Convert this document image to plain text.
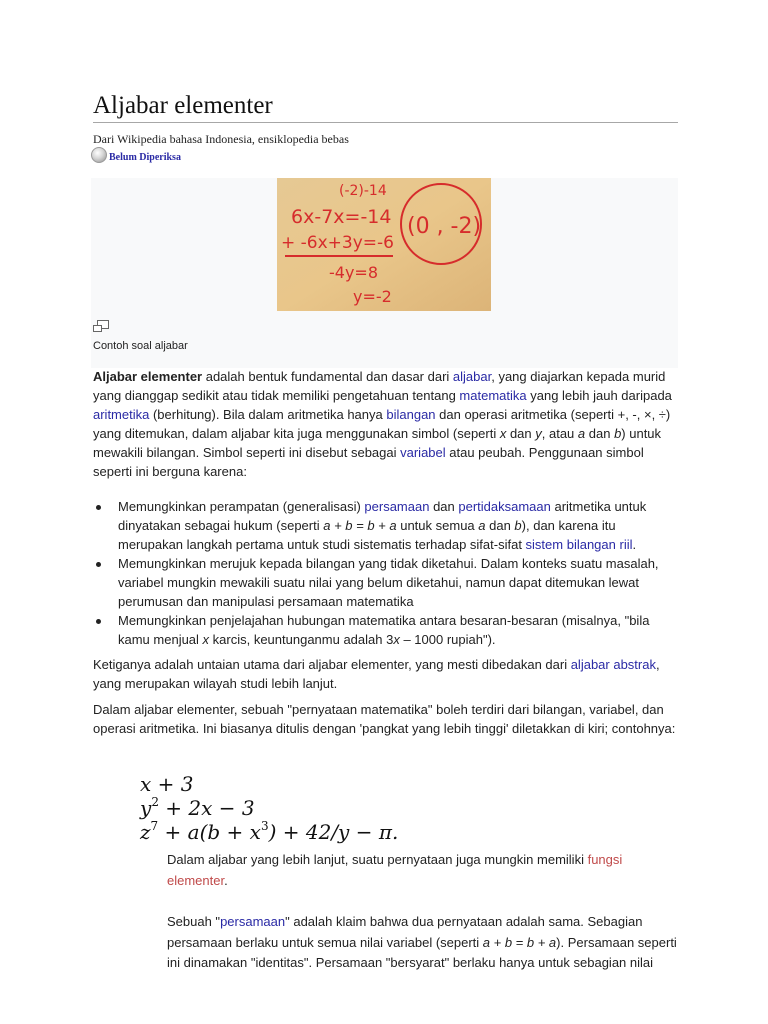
Aljabar elementer
Dari Wikipedia bahasa Indonesia, ensiklopedia bebas
Belum Diperiksa
(-2)-14
6x-7x=-14
+ -6x+3y=-6
-4y=8
y=-2
(0 , -2)
Contoh soal aljabar

Aljabar elementer adalah bentuk fundamental dan dasar dari aljabar, yang diajarkan kepada murid yang dianggap sedikit atau tidak memiliki pengetahuan tentang matematika yang lebih jauh daripada aritmetika (berhitung). Bila dalam aritmetika hanya bilangan dan operasi aritmetika (seperti +, -, ×, ÷) yang ditemukan, dalam aljabar kita juga menggunakan simbol (seperti x dan y, atau a dan b) untuk mewakili bilangan. Simbol seperti ini disebut sebagai variabel atau peubah. Penggunaan simbol seperti ini berguna karena:

Memungkinkan perampatan (generalisasi) persamaan dan pertidaksamaan aritmetika untuk dinyatakan sebagai hukum (seperti a + b = b + a untuk semua a dan b), dan karena itu merupakan langkah pertama untuk studi sistematis terhadap sifat-sifat sistem bilangan riil.
Memungkinkan merujuk kepada bilangan yang tidak diketahui. Dalam konteks suatu masalah, variabel mungkin mewakili suatu nilai yang belum diketahui, namun dapat ditemukan lewat perumusan dan manipulasi persamaan matematika
Memungkinkan penjelajahan hubungan matematika antara besaran-besaran (misalnya, "bila kamu menjual x karcis, keuntunganmu adalah 3x – 1000 rupiah").

Ketiganya adalah untaian utama dari aljabar elementer, yang mesti dibedakan dari aljabar abstrak, yang merupakan wilayah studi lebih lanjut.

Dalam aljabar elementer, sebuah "pernyataan matematika" boleh terdiri dari bilangan, variabel, dan operasi aritmetika. Ini biasanya ditulis dengan 'pangkat yang lebih tinggi' diletakkan di kiri; contohnya:

x + 3
$y^2 + 2x - 3$
$z^7 + a(b + x^3) + 42/y - \pi$.

Dalam aljabar yang lebih lanjut, suatu pernyataan juga mungkin memiliki fungsi elementer.

Sebuah "persamaan" adalah klaim bahwa dua pernyataan adalah sama. Sebagian persamaan berlaku untuk semua nilai variabel (seperti a + b = b + a). Persamaan seperti ini dinamakan "identitas". Persamaan "bersyarat" berlaku hanya untuk sebagian nilai
